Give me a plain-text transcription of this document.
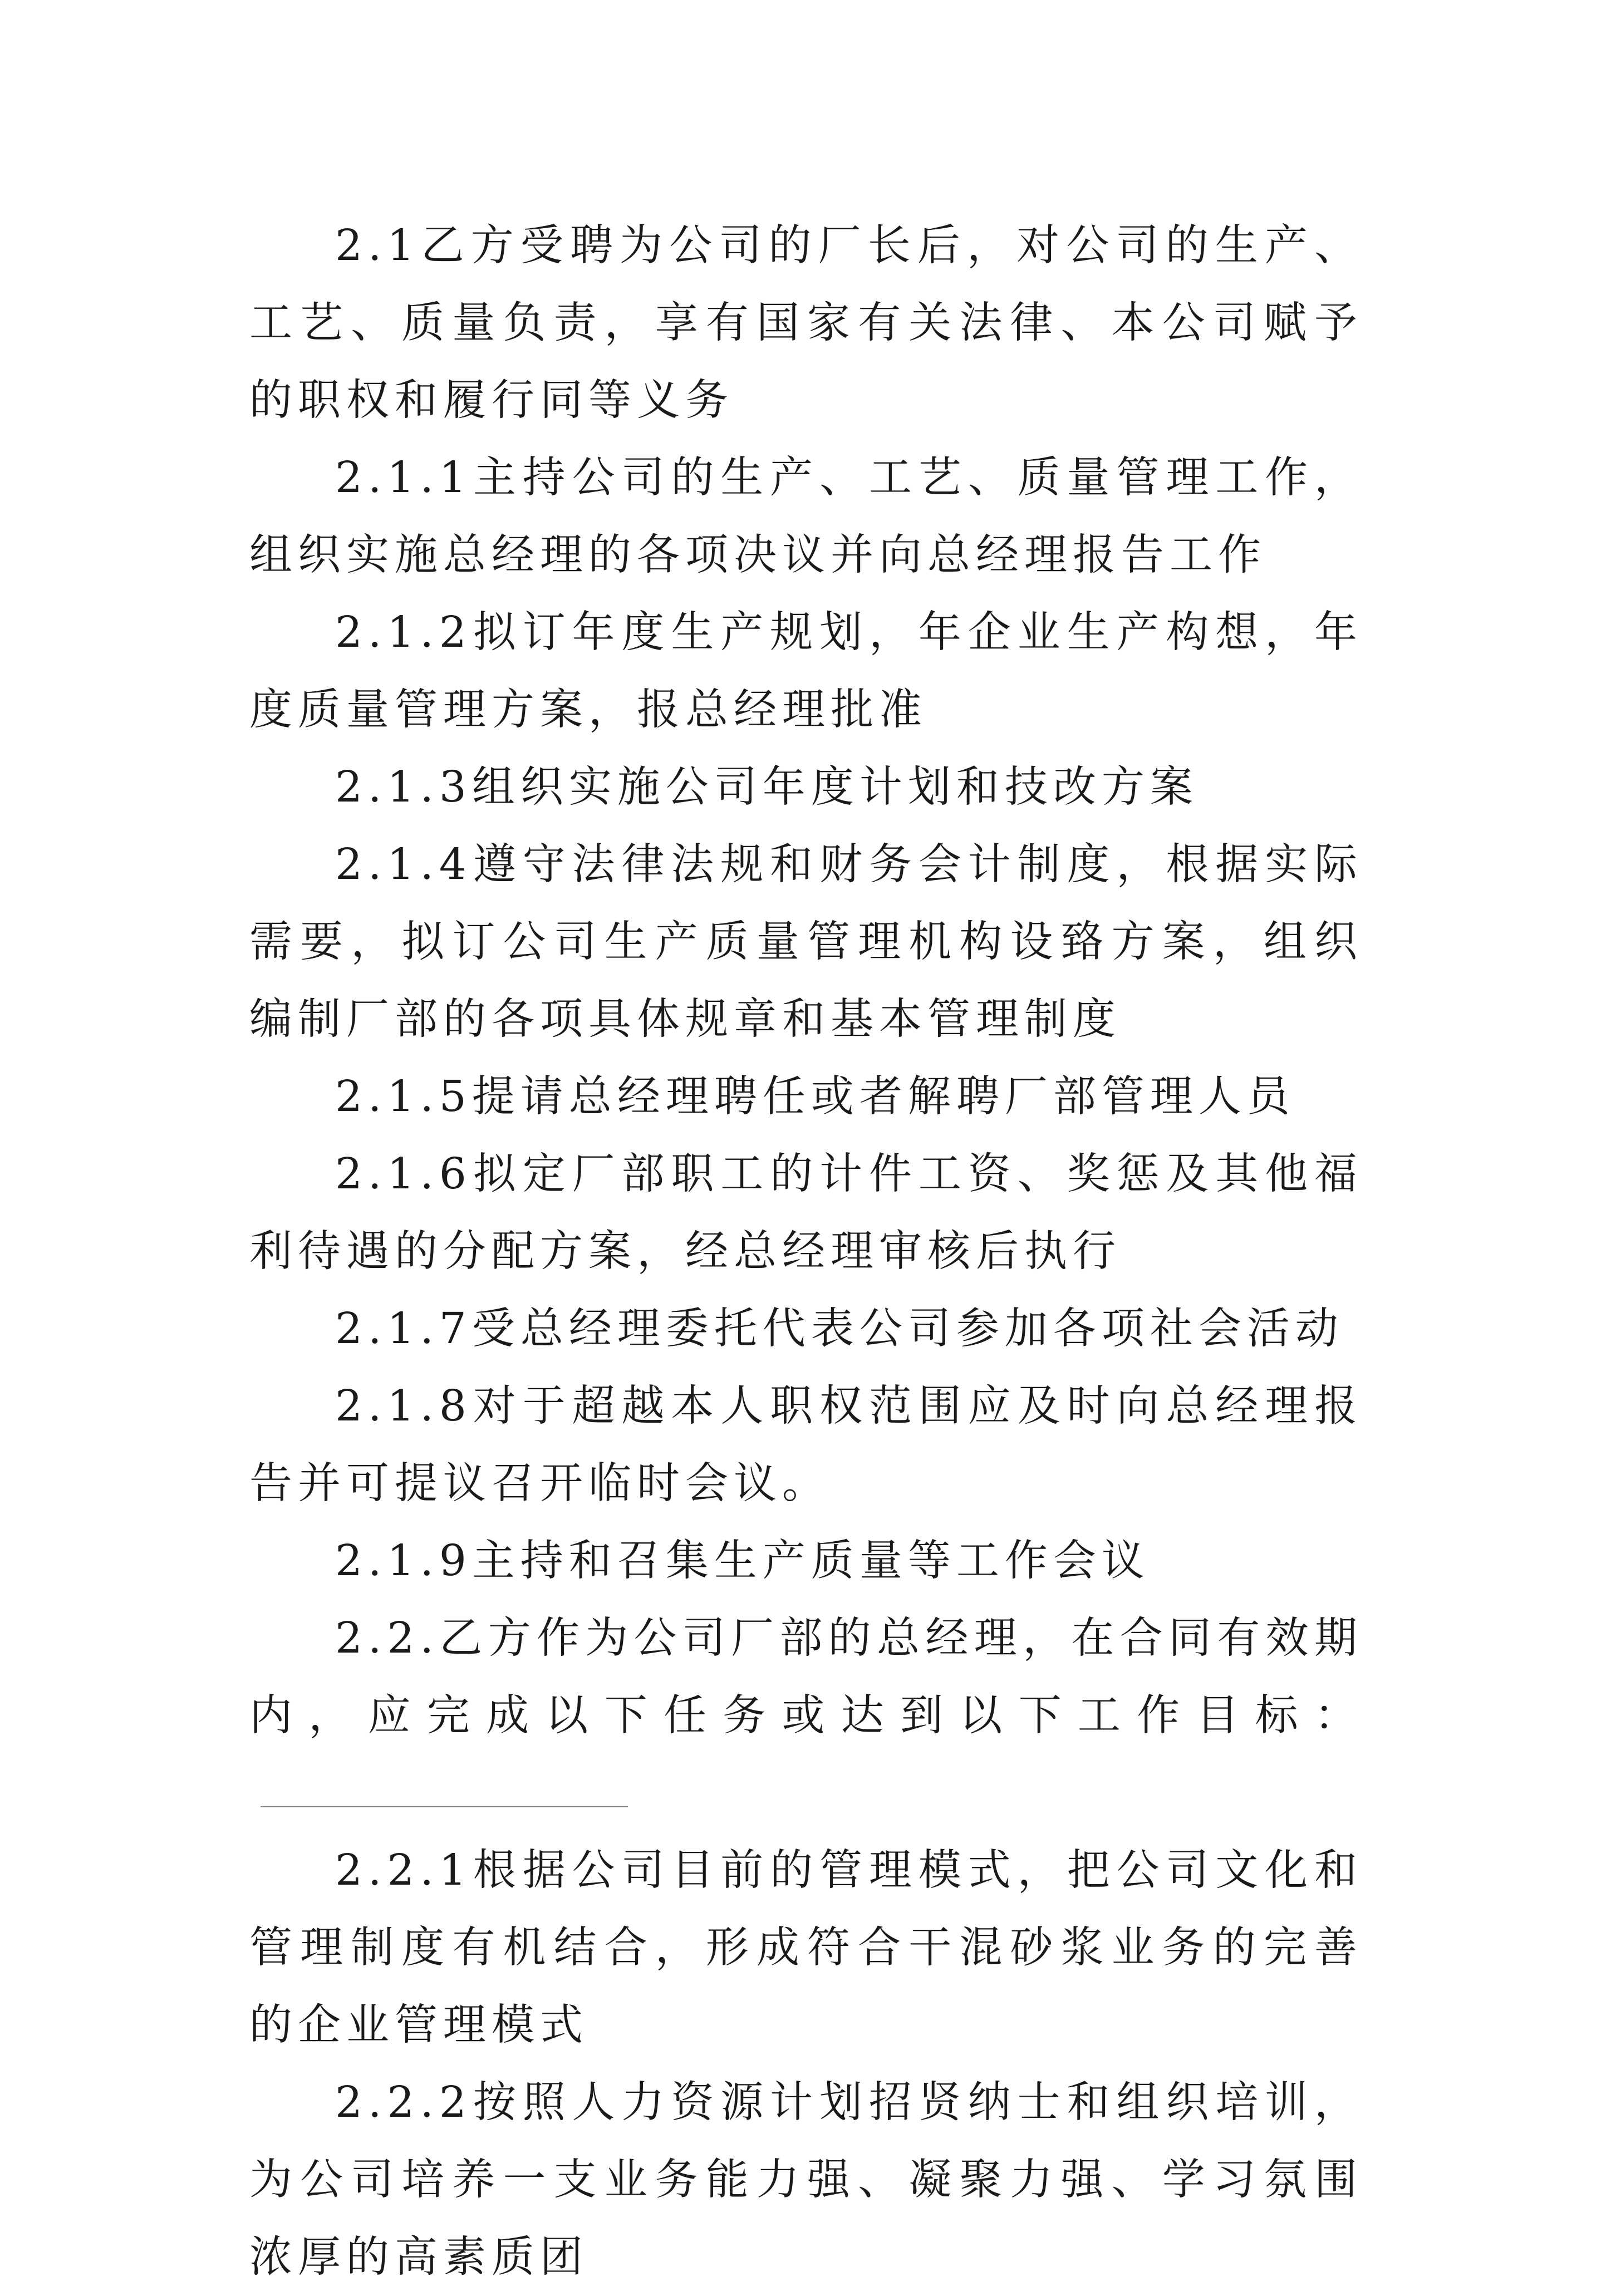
2.1乙方受聘为公司的厂长后，对公司的生产、工艺、质量负责，享有国家有关法律、本公司赋予的职权和履行同等义务

2.1.1主持公司的生产、工艺、质量管理工作，组织实施总经理的各项决议并向总经理报告工作

2.1.2拟订年度生产规划，年企业生产构想，年度质量管理方案，报总经理批准

2.1.3组织实施公司年度计划和技改方案

2.1.4遵守法律法规和财务会计制度，根据实际需要，拟订公司生产质量管理机构设臵方案，组织编制厂部的各项具体规章和基本管理制度

2.1.5提请总经理聘任或者解聘厂部管理人员

2.1.6拟定厂部职工的计件工资、奖惩及其他福利待遇的分配方案，经总经理审核后执行

2.1.7受总经理委托代表公司参加各项社会活动

2.1.8对于超越本人职权范围应及时向总经理报告并可提议召开临时会议。

2.1.9主持和召集生产质量等工作会议

2.2.乙方作为公司厂部的总经理，在合同有效期内，应完成以下任务或达到以下工作目标：

2.2.1根据公司目前的管理模式，把公司文化和管理制度有机结合，形成符合干混砂浆业务的完善的企业管理模式

2.2.2按照人力资源计划招贤纳士和组织培训，为公司培养一支业务能力强、凝聚力强、学习氛围浓厚的高素质团
